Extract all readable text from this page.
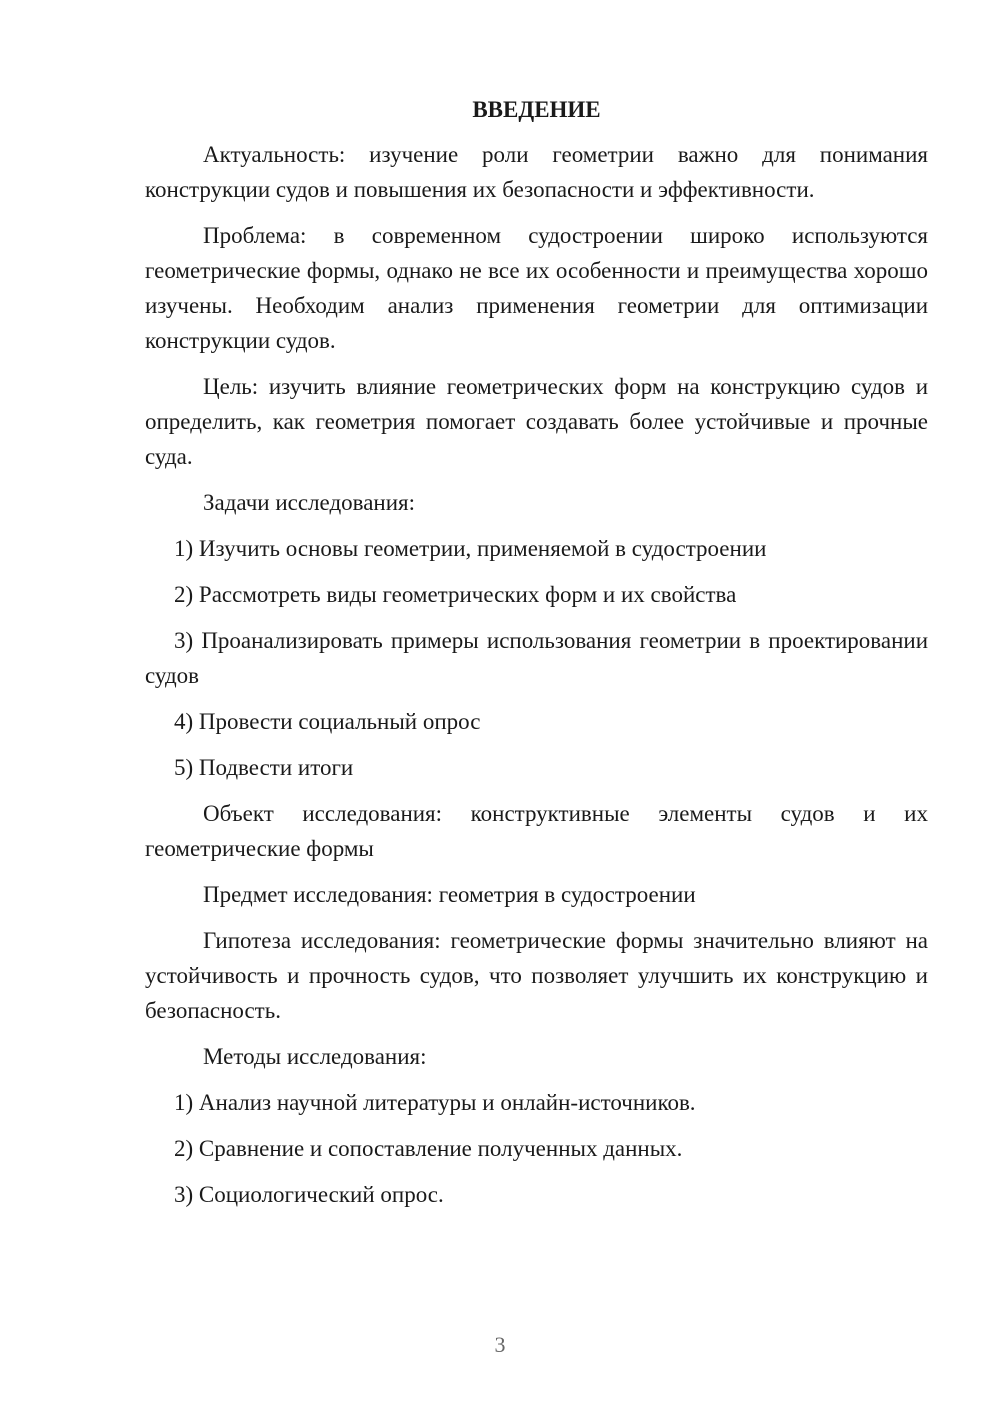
ВВЕДЕНИЕ

Актуальность: изучение роли геометрии важно для понимания конструкции судов и повышения их безопасности и эффективности.

Проблема: в современном судостроении широко используются геометрические формы, однако не все их особенности и преимущества хорошо изучены. Необходим анализ применения геометрии для оптимизации конструкции судов.

Цель: изучить влияние геометрических форм на конструкцию судов и определить, как геометрия помогает создавать более устойчивые и прочные суда.

Задачи исследования:

1) Изучить основы геометрии, применяемой в судостроении

2) Рассмотреть виды геометрических форм и их свойства

3) Проанализировать примеры использования геометрии в проектировании судов

4) Провести социальный опрос

5) Подвести итоги

Объект исследования: конструктивные элементы судов и их геометрические формы

Предмет исследования: геометрия в судостроении

Гипотеза исследования: геометрические формы значительно влияют на устойчивость и прочность судов, что позволяет улучшить их конструкцию и безопасность.

Методы исследования:

1) Анализ научной литературы и онлайн-источников.

2) Сравнение и сопоставление полученных данных.

3) Социологический опрос.

3
